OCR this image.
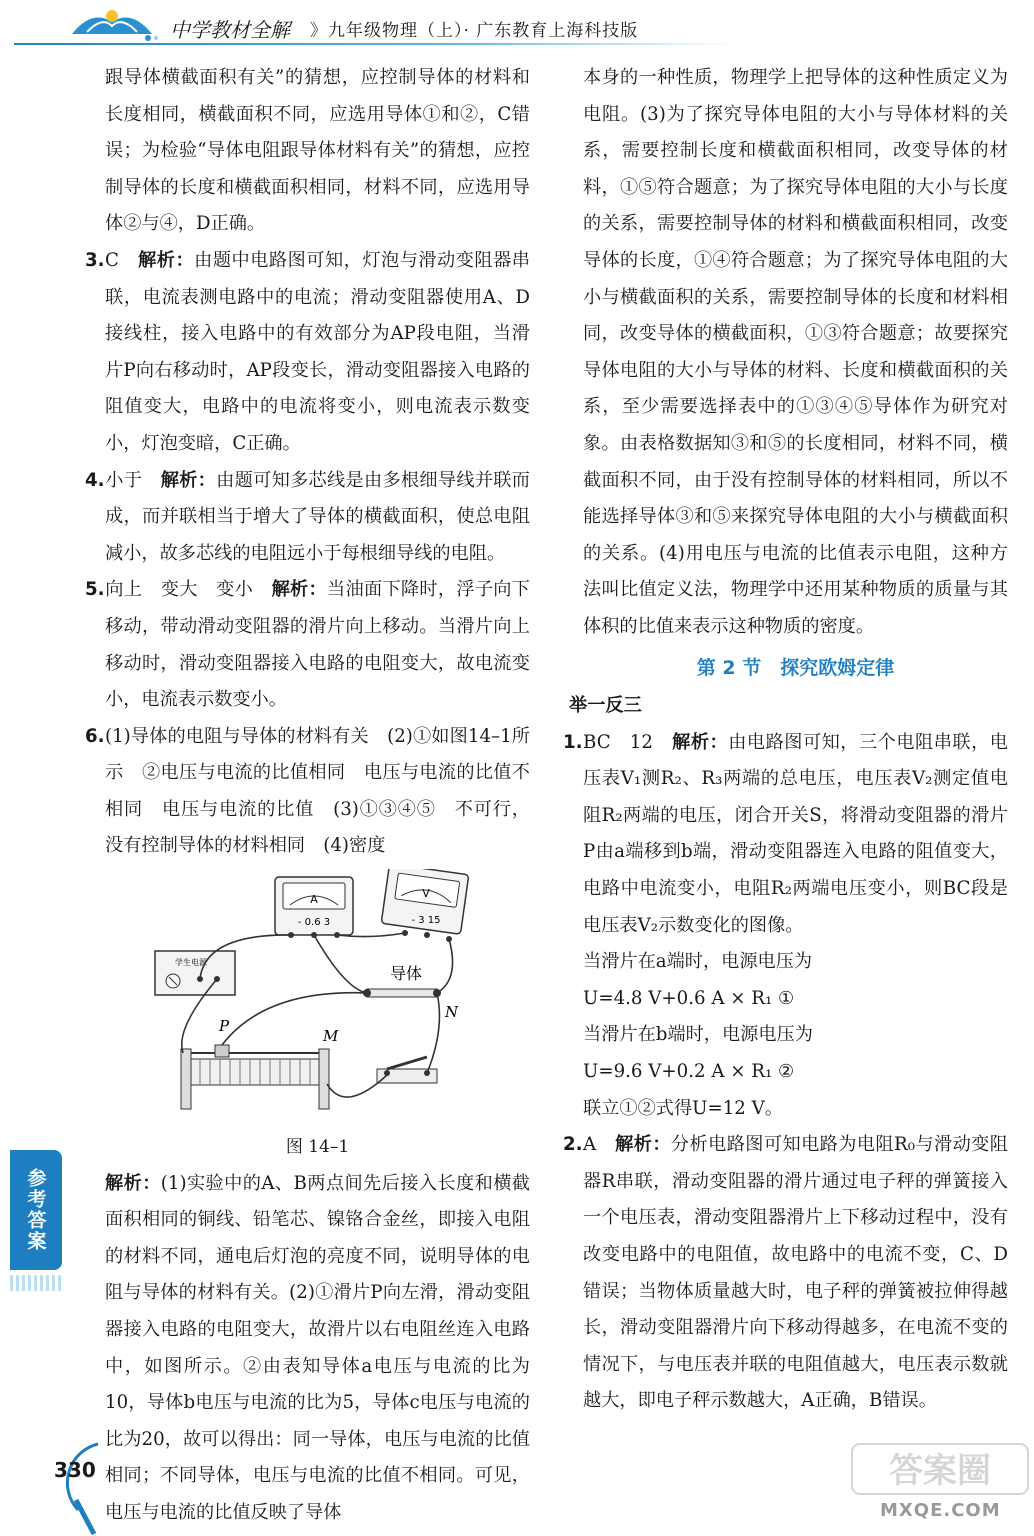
中学教材全解 》九年级物理（上）· 广东教育上海科技版

跟导体横截面积有关”的猜想，应控制导体的材料和长度相同，横截面积不同，应选用导体①和②，C错误；为检验“导体电阻跟导体材料有关”的猜想，应控制导体的长度和横截面积相同，材料不同，应选用导体②与④，D正确。

3.C　 解析：由题中电路图可知，灯泡与滑动变阻器串联，电流表测电路中的电流；滑动变阻器使用A、D接线柱，接入电路中的有效部分为AP段电阻，当滑片P向右移动时，AP段变长，滑动变阻器接入电路的阻值变大，电路中的电流将变小，则电流表示数变小，灯泡变暗，C正确。

4.小于　 解析：由题可知多芯线是由多根细导线并联而成，而并联相当于增大了导体的横截面积，使总电阻减小，故多芯线的电阻远小于每根细导线的电阻。

5.向上　变大　变小　 解析：当油面下降时，浮子向下移动，带动滑动变阻器的滑片向上移动。当滑片向上移动时，滑动变阻器接入电路的电阻变大，故电流变小，电流表示数变小。

6.(1)导体的电阻与导体的材料有关　(2)①如图14–1所示　②电压与电流的比值相同　电压与电流的比值不相同　电压与电流的比值　(3)①③④⑤　不可行，没有控制导体的材料相同　(4)密度

A
- 0.6 3
V
- 3 15
学生电源
导体
N
M
P
图 14–1

解析：(1)实验中的A、B两点间先后接入长度和横截面积相同的铜线、铅笔芯、镍铬合金丝，即接入电阻的材料不同，通电后灯泡的亮度不同，说明导体的电阻与导体的材料有关。(2)①滑片P向左滑，滑动变阻器接入电路的电阻变大，故滑片以右电阻丝连入电路中，如图所示。②由表知导体a电压与电流的比为10，导体b电压与电流的比为5，导体c电压与电流的比为20，故可以得出：同一导体，电压与电流的比值相同；不同导体，电压与电流的比值不相同。可见，电压与电流的比值反映了导体

本身的一种性质，物理学上把导体的这种性质定义为电阻。(3)为了探究导体电阻的大小与导体材料的关系，需要控制长度和横截面积相同，改变导体的材料，①⑤符合题意；为了探究导体电阻的大小与长度的关系，需要控制导体的材料和横截面积相同，改变导体的长度，①④符合题意；为了探究导体电阻的大小与横截面积的关系，需要控制导体的长度和材料相同，改变导体的横截面积，①③符合题意；故要探究导体电阻的大小与导体的材料、长度和横截面积的关系，至少需要选择表中的①③④⑤导体作为研究对象。由表格数据知③和⑤的长度相同，材料不同，横截面积不同，由于没有控制导体的材料相同，所以不能选择导体③和⑤来探究导体电阻的大小与横截面积的关系。(4)用电压与电流的比值表示电阻，这种方法叫比值定义法，物理学中还用某种物质的质量与其体积的比值来表示这种物质的密度。

第 2 节　探究欧姆定律
举一反三

1.BC　12　 解析：由电路图可知，三个电阻串联，电压表V₁测R₂、R₃两端的总电压，电压表V₂测定值电阻R₂两端的电压，闭合开关S，将滑动变阻器的滑片P由a端移到b端，滑动变阻器连入电路的阻值变大，电路中电流变小，电阻R₂两端电压变小，则BC段是电压表V₂示数变化的图像。

当滑片在a端时，电源电压为

U=4.8 V+0.6 A × R₁ ①

当滑片在b端时，电源电压为

U=9.6 V+0.2 A × R₁ ②

联立①②式得U=12 V。

2.A　 解析：分析电路图可知电路为电阻R₀与滑动变阻器R串联，滑动变阻器的滑片通过电子秤的弹簧接入一个电压表，滑动变阻器滑片上下移动过程中，没有改变电路中的电阻值，故电路中的电流不变，C、D错误；当物体质量越大时，电子秤的弹簧被拉伸得越长，滑动变阻器滑片向下移动得越多，在电流不变的情况下，与电压表并联的电阻值越大，电压表示数就越大，即电子秤示数越大，A正确，B错误。

参考答案
330	答案圈
MXQE.COM
